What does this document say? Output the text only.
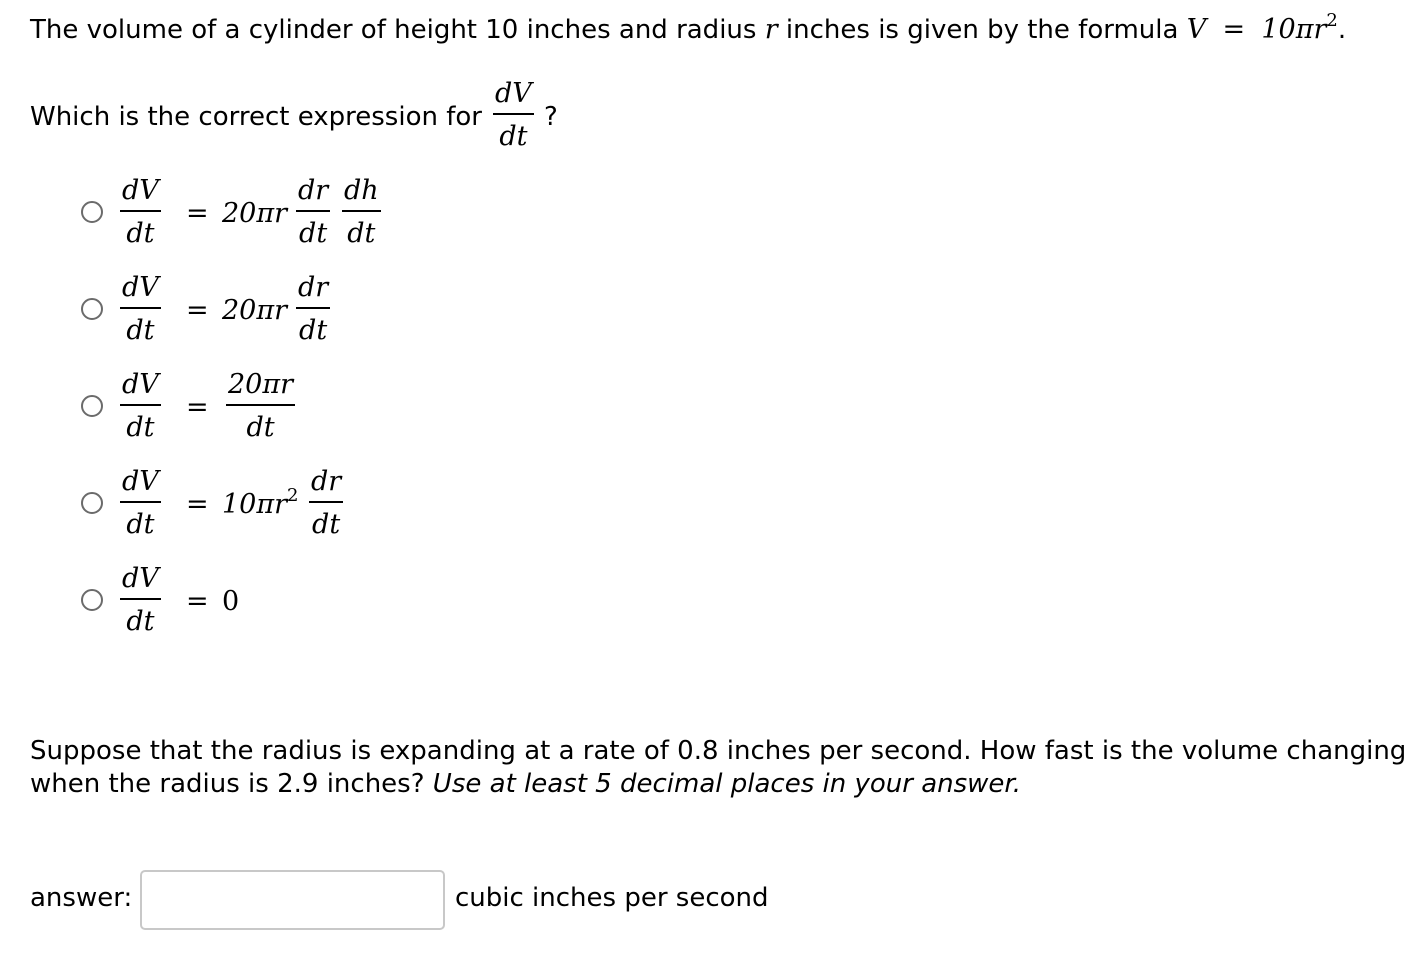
The volume of a cylinder of height 10 inches and radius r inches is given by the formula $V = 10\pi r^2$.
Which is the correct expression for
dV
dt
?
dV
dt
= 20πr
dr
dt
dh
dt
dV
dt
= 20πr
dr
dt
dV
dt
=
20πr
dt
dV
dt
= $10\pi r^2$ dr
dt
dV
dt
= 0
Suppose that the radius is expanding at a rate of 0.8 inches per second. How fast is the volume changing
when the radius is 2.9 inches? Use at least 5 decimal places in your answer.
answer:	cubic inches per second
